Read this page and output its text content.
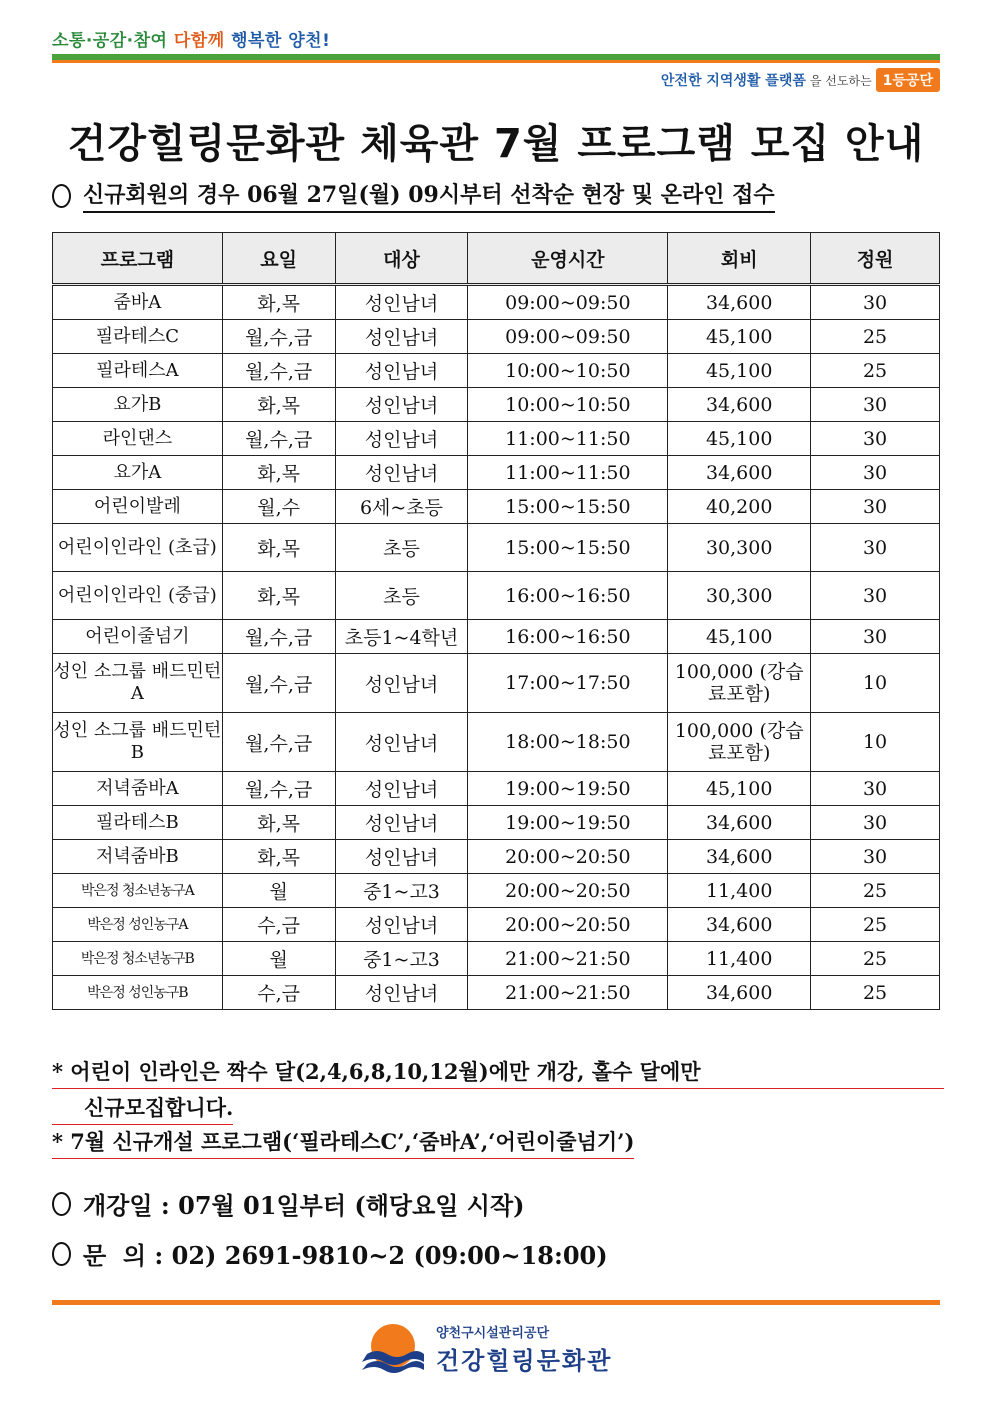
소통·공감·참여 다함께 행복한 양천!
안전한 지역생활 플랫폼 을 선도하는 1등공단
건강힐링문화관 체육관 7월 프로그램 모집 안내
신규회원의 경우 06월 27일(월) 09시부터 선착순 현장 및 온라인 접수
프로그램	요일	대상	운영시간	회비	정원
줌바A	화,목	성인남녀	09:00~09:50	34,600	30
필라테스C	월,수,금	성인남녀	09:00~09:50	45,100	25
필라테스A	월,수,금	성인남녀	10:00~10:50	45,100	25
요가B	화,목	성인남녀	10:00~10:50	34,600	30
라인댄스	월,수,금	성인남녀	11:00~11:50	45,100	30
요가A	화,목	성인남녀	11:00~11:50	34,600	30
어린이발레	월,수	6세~초등	15:00~15:50	40,200	30
어린이인라인 (초급)	화,목	초등	15:00~15:50	30,300	30
어린이인라인 (중급)	화,목	초등	16:00~16:50	30,300	30
어린이줄넘기	월,수,금	초등1~4학년	16:00~16:50	45,100	30
성인 소그룹 배드민턴A	월,수,금	성인남녀	17:00~17:50	100,000 (강습료포함)	10
성인 소그룹 배드민턴B	월,수,금	성인남녀	18:00~18:50	100,000 (강습료포함)	10
저녁줌바A	월,수,금	성인남녀	19:00~19:50	45,100	30
필라테스B	화,목	성인남녀	19:00~19:50	34,600	30
저녁줌바B	화,목	성인남녀	20:00~20:50	34,600	30
박은정 청소년농구A	월	중1~고3	20:00~20:50	11,400	25
박은정 성인농구A	수,금	성인남녀	20:00~20:50	34,600	25
박은정 청소년농구B	월	중1~고3	21:00~21:50	11,400	25
박은정 성인농구B	수,금	성인남녀	21:00~21:50	34,600	25
* 어린이 인라인은 짝수 달(2,4,6,8,10,12월)에만 개강, 홀수 달에만
신규모집합니다.
* 7월 신규개설 프로그램(‘필라테스C’,‘줌바A’,‘어린이줄넘기’)
개강일 : 07월 01일부터 (해당요일 시작)
문  의 : 02) 2691-9810~2 (09:00~18:00)
양천구시설관리공단
건강힐링문화관
